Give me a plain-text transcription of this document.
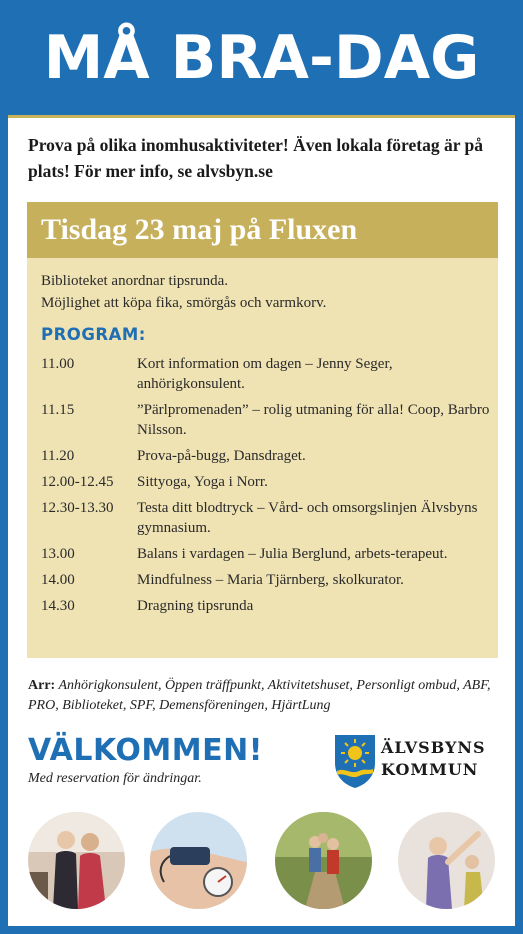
MÅ BRA-DAG
Prova på olika inomhusaktiviteter! Även lokala företag är på plats! För mer info, se alvsbyn.se
Tisdag 23 maj på Fluxen
Biblioteket anordnar tipsrunda.
Möjlighet att köpa fika, smörgås och varmkorv.
PROGRAM:
11.00	Kort information om dagen – Jenny Seger, anhörigkonsulent.
11.15	”Pärlpromenaden” – rolig utmaning för alla! Coop, Barbro Nilsson.
11.20	Prova-på-bugg, Dansdraget.
12.00-12.45	Sittyoga, Yoga i Norr.
12.30-13.30	Testa ditt blodtryck – Vård- och omsorgslinjen Älvsbyns gymnasium.
13.00	Balans i vardagen – Julia Berglund, arbets-terapeut.
14.00	Mindfulness – Maria Tjärnberg, skolkurator.
14.30	Dragning tipsrunda
Arr: Anhörigkonsulent, Öppen träffpunkt, Aktivitetshuset, Personligt ombud, ABF, PRO, Biblioteket, SPF, Demensföreningen, HjärtLung
VÄLKOMMEN!
Med reservation för ändringar.
ÄLVSBYNS
KOMMUN
